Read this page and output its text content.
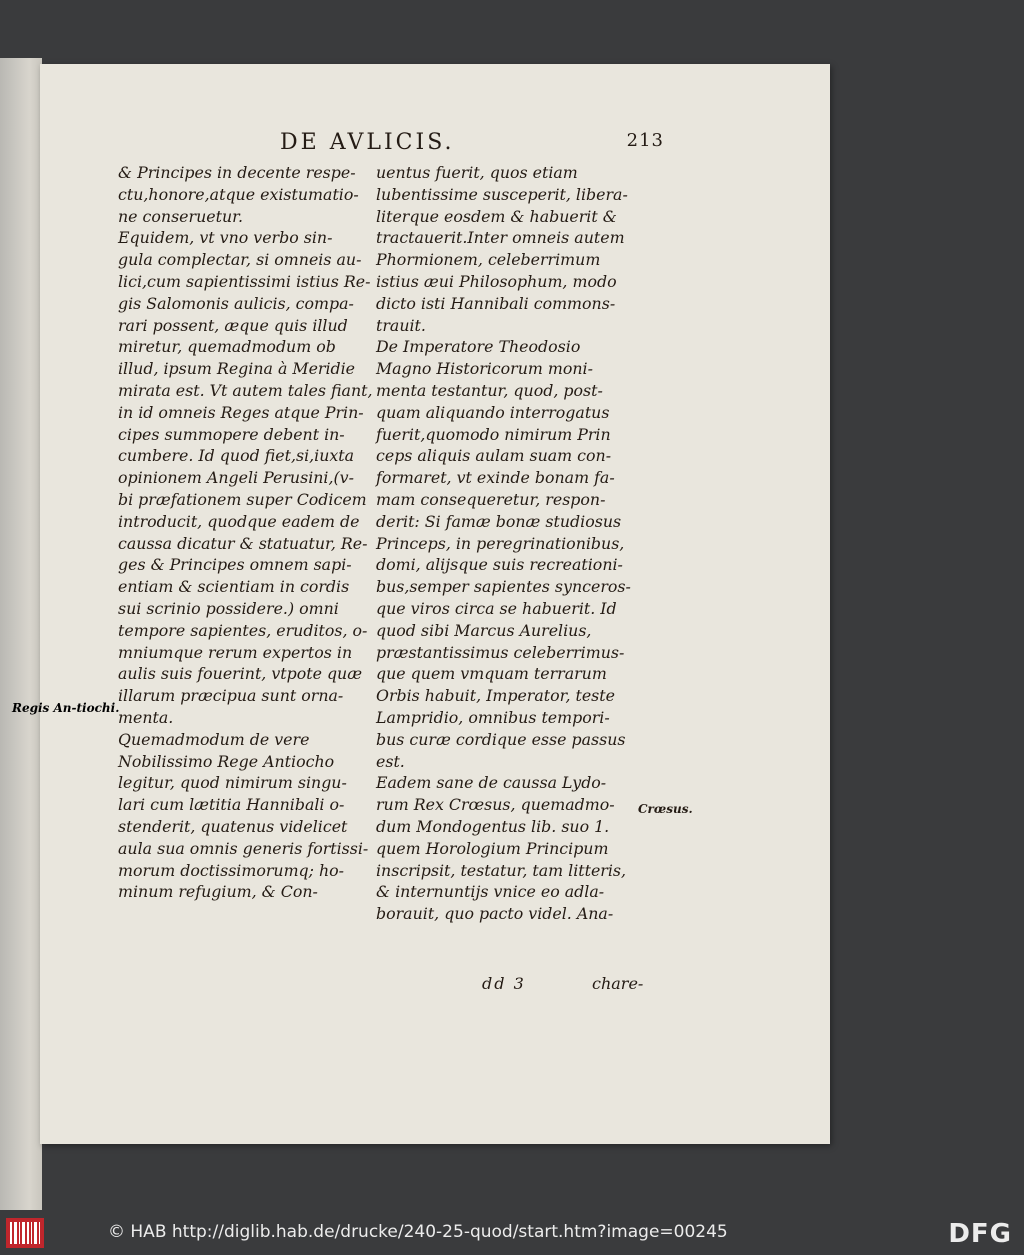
DE AVLICIS.	213
& Principes in decente respe-
ctu,honore,atque existumatio-
ne conseruetur.
Equidem, vt vno verbo sin-
gula complectar, si omneis au-
lici,cum sapientissimi istius Re-
gis Salomonis aulicis, compa-
rari possent, æque quis illud
miretur, quemadmodum ob
illud, ipsum Regina à Meridie
mirata est. Vt autem tales fiant,
in id omneis Reges atque Prin-
cipes summopere debent in-
cumbere. Id quod fiet,si,iuxta
opinionem Angeli Perusini,(v-
bi præfationem super Codicem
introducit, quodque eadem de
caussa dicatur & statuatur, Re-
ges & Principes omnem sapi-
entiam & scientiam in cordis
sui scrinio possidere.) omni
tempore sapientes, eruditos, o-
mniumque rerum expertos in
aulis suis fouerint, vtpote quæ
illarum præcipua sunt orna-
menta.
Quemadmodum de vere
Nobilissimo Rege Antiocho
legitur, quod nimirum singu-
lari cum lætitia Hannibali o-
stenderit, quatenus videlicet
aula sua omnis generis fortissi-
morum doctissimorumq; ho-
minum refugium, & Con-
uentus fuerit, quos etiam
lubentissime susceperit, libera-
literque eosdem & habuerit &
tractauerit.Inter omneis autem
Phormionem, celeberrimum
istius æui Philosophum, modo
dicto isti Hannibali commons-
trauit.
De Imperatore Theodosio
Magno Historicorum moni-
menta testantur, quod, post-
quam aliquando interrogatus
fuerit,quomodo nimirum Prin
ceps aliquis aulam suam con-
formaret, vt exinde bonam fa-
mam consequeretur, respon-
derit: Si famæ bonæ studiosus
Princeps, in peregrinationibus,
domi, alijsque suis recreationi-
bus,semper sapientes synceros-
que viros circa se habuerit. Id
quod sibi Marcus Aurelius,
præstantissimus celeberrimus-
que quem vmquam terrarum
Orbis habuit, Imperator, teste
Lampridio, omnibus tempori-
bus curæ cordique esse passus
est.
Eadem sane de caussa Lydo-
rum Rex Crœsus, quemadmo-
dum Mondogentus lib. suo 1.
quem Horologium Principum
inscripsit, testatur, tam litteris,
& internuntijs vnice eo adla-
borauit, quo pacto videl. Ana-
Crœsus.
dd 3	chare-
Regis An-tiochi.
© HAB http://diglib.hab.de/drucke/240-25-quod/start.htm?image=00245	DFG
